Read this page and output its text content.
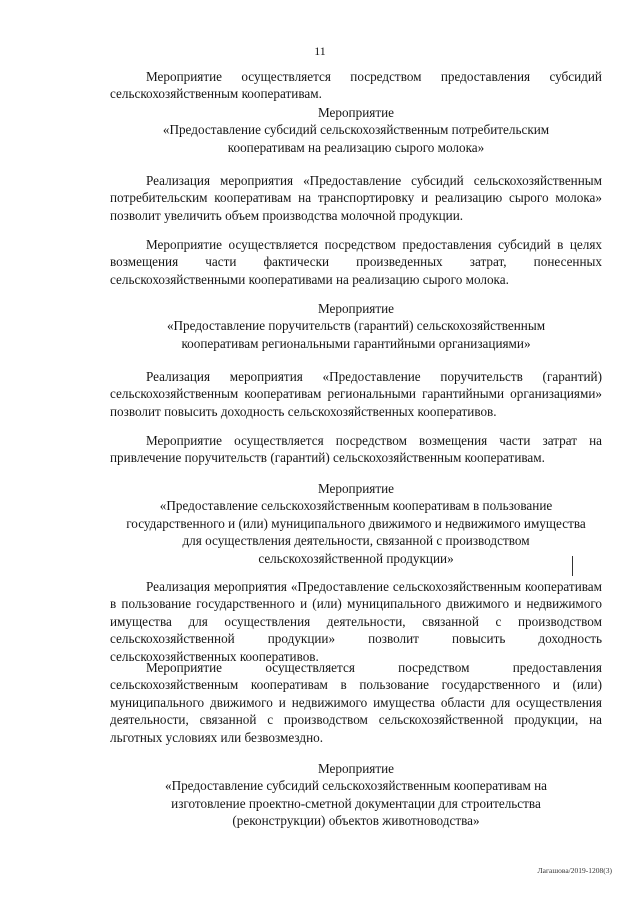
11
Мероприятие осуществляется посредством предоставления субсидий сельскохозяйственным кооперативам.

Мероприятие

«Предоставление субсидий сельскохозяйственным потребительским кооперативам на реализацию сырого молока»

Реализация мероприятия «Предоставление субсидий сельскохозяйственным потребительским кооперативам на транспортировку и реализацию сырого молока» позволит увеличить объем производства молочной продукции.
Мероприятие осуществляется посредством предоставления субсидий в целях возмещения части фактически произведенных затрат, понесенных сельскохозяйственными кооперативами на реализацию сырого молока.

Мероприятие

«Предоставление поручительств (гарантий) сельскохозяйственным кооперативам региональными гарантийными организациями»

Реализация мероприятия «Предоставление поручительств (гарантий) сельскохозяйственным кооперативам региональными гарантийными организациями» позволит повысить доходность сельскохозяйственных кооперативов.
Мероприятие осуществляется посредством возмещения части затрат на привлечение поручительств (гарантий) сельскохозяйственным кооперативам.

Мероприятие

«Предоставление сельскохозяйственным кооперативам в пользование государственного и (или) муниципального движимого и недвижимого имущества для осуществления деятельности, связанной с производством сельскохозяйственной продукции»

Реализация мероприятия «Предоставление сельскохозяйственным кооперативам в пользование государственного и (или) муниципального движимого и недвижимого имущества для осуществления деятельности, связанной с производством сельскохозяйственной продукции» позволит повысить доходность сельскохозяйственных кооперативов.
Мероприятие осуществляется посредством предоставления сельскохозяйственным кооперативам в пользование государственного и (или) муниципального движимого и недвижимого имущества области для осуществления деятельности, связанной с производством сельскохозяйственной продукции, на льготных условиях или безвозмездно.

Мероприятие

«Предоставление субсидий сельскохозяйственным кооперативам на изготовление проектно-сметной документации для строительства (реконструкции) объектов животноводства»

Лагашова/2019-1208(3)
